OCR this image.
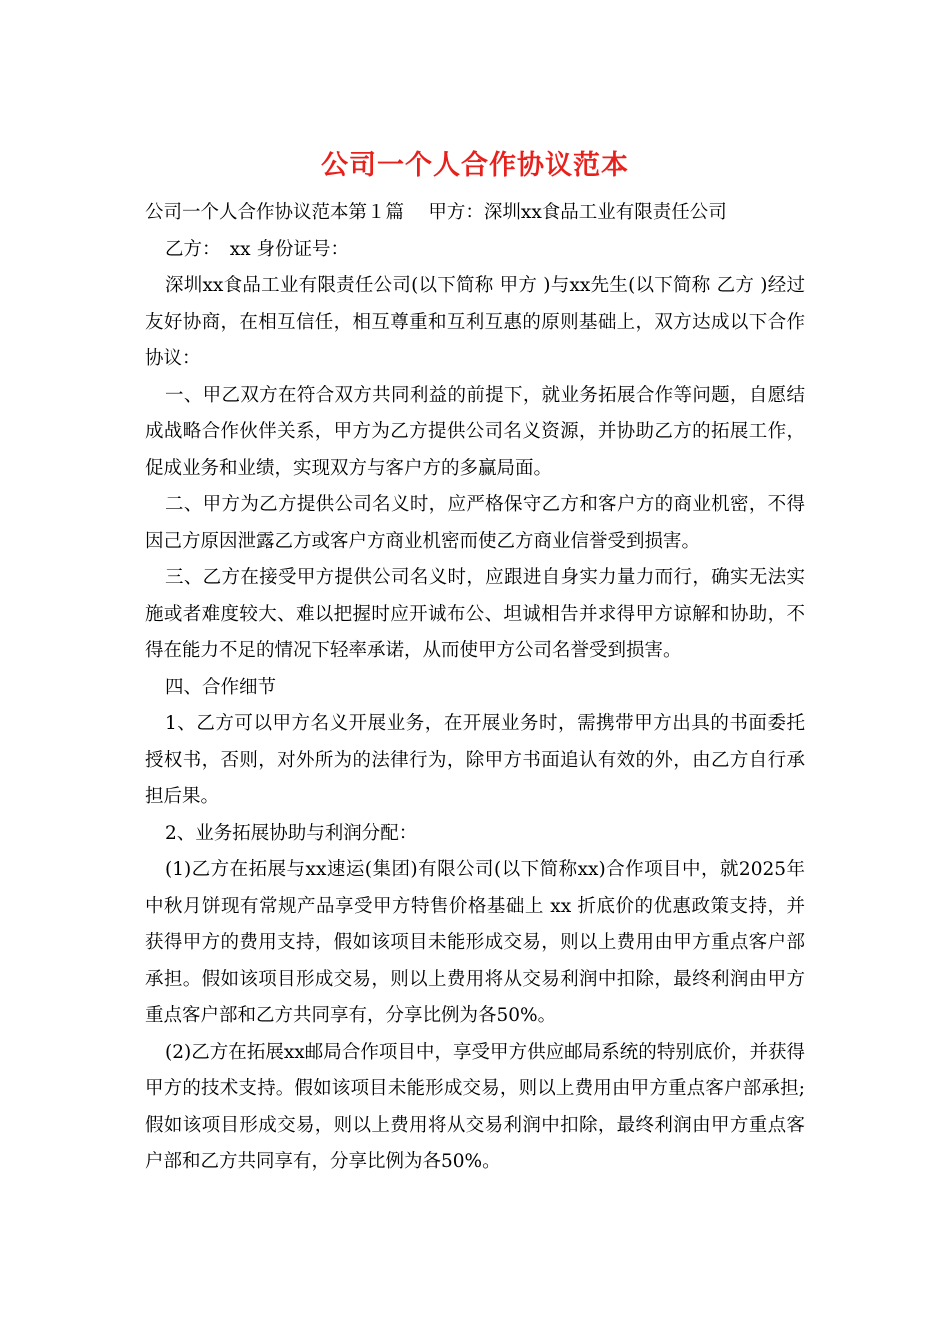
公司一个人合作协议范本

公司一个人合作协议范本第１篇　 甲方：深圳xx食品工业有限责任公司

乙方：　xx 身份证号：

深圳xx食品工业有限责任公司(以下简称 甲方 )与xx先生(以下简称 乙方 )经过友好协商，在相互信任，相互尊重和互利互惠的原则基础上，双方达成以下合作协议：

一、甲乙双方在符合双方共同利益的前提下，就业务拓展合作等问题，自愿结成战略合作伙伴关系，甲方为乙方提供公司名义资源，并协助乙方的拓展工作，促成业务和业绩，实现双方与客户方的多赢局面。

二、甲方为乙方提供公司名义时，应严格保守乙方和客户方的商业机密，不得因己方原因泄露乙方或客户方商业机密而使乙方商业信誉受到损害。

三、乙方在接受甲方提供公司名义时，应跟进自身实力量力而行，确实无法实施或者难度较大、难以把握时应开诚布公、坦诚相告并求得甲方谅解和协助，不得在能力不足的情况下轻率承诺，从而使甲方公司名誉受到损害。

四、合作细节

1、乙方可以甲方名义开展业务，在开展业务时，需携带甲方出具的书面委托授权书，否则，对外所为的法律行为，除甲方书面追认有效的外，由乙方自行承担后果。

2、业务拓展协助与利润分配：

(1)乙方在拓展与xx速运(集团)有限公司(以下简称xx)合作项目中，就2025年中秋月饼现有常规产品享受甲方特售价格基础上 xx 折底价的优惠政策支持，并获得甲方的费用支持，假如该项目未能形成交易，则以上费用由甲方重点客户部承担。假如该项目形成交易，则以上费用将从交易利润中扣除，最终利润由甲方重点客户部和乙方共同享有，分享比例为各50%。

(2)乙方在拓展xx邮局合作项目中，享受甲方供应邮局系统的特别底价，并获得甲方的技术支持。假如该项目未能形成交易，则以上费用由甲方重点客户部承担;假如该项目形成交易，则以上费用将从交易利润中扣除，最终利润由甲方重点客户部和乙方共同享有，分享比例为各50%。
